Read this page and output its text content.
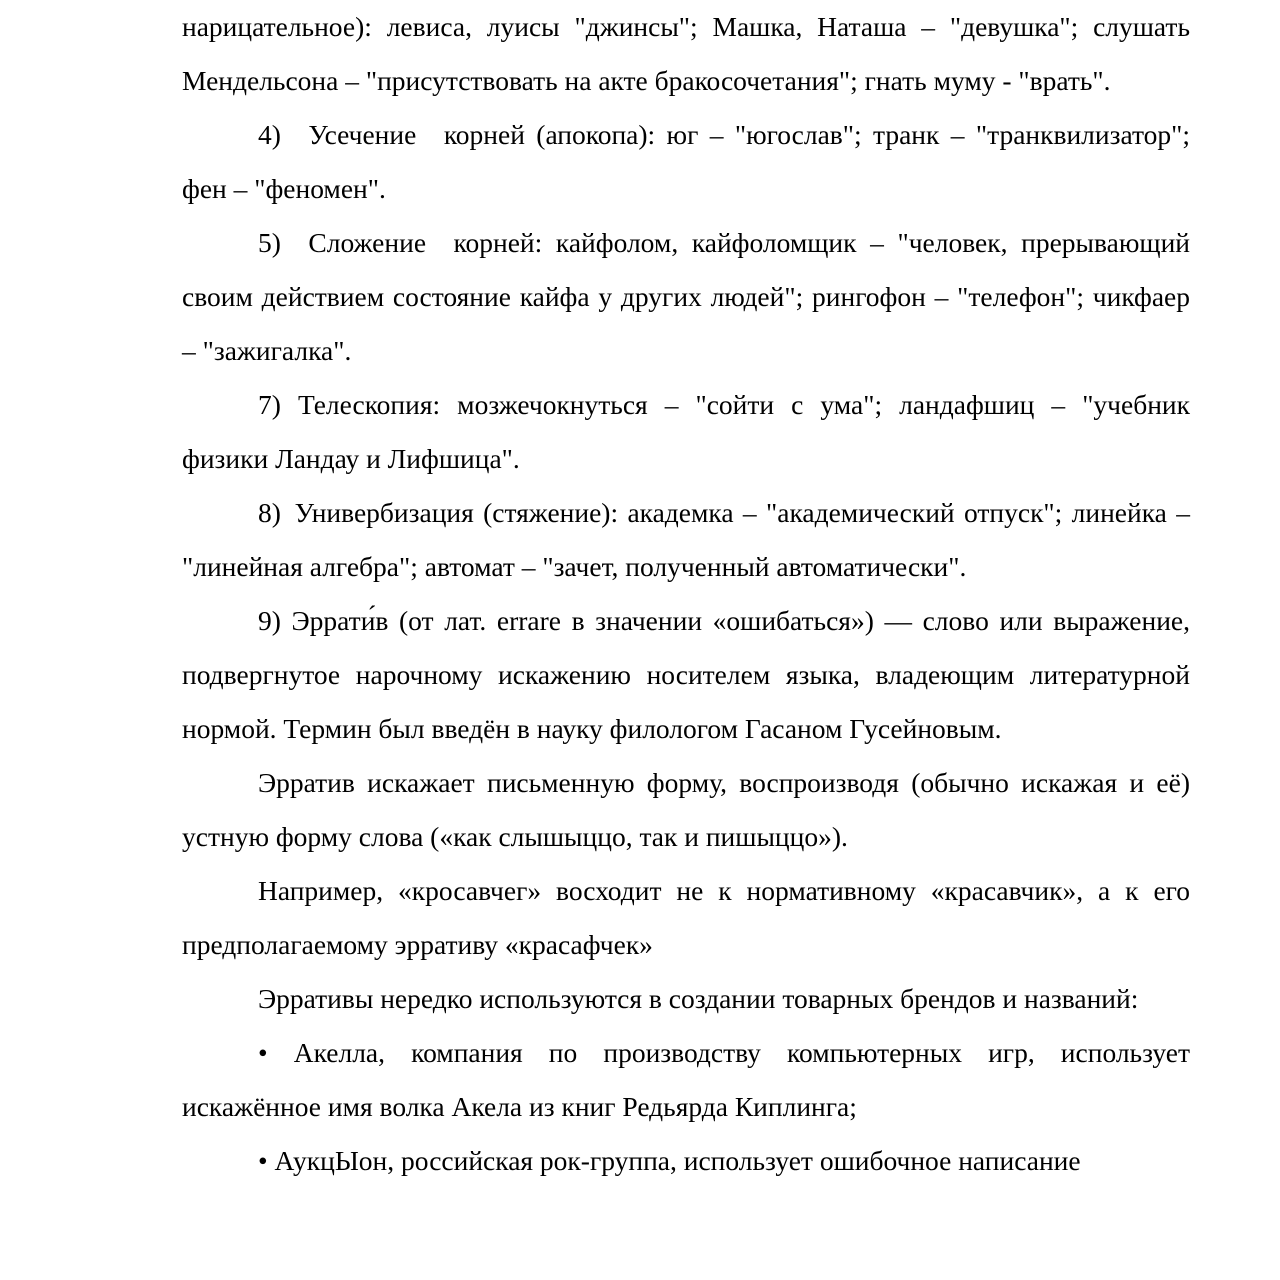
нарицательное): левиса, луисы "джинсы"; Машка, Наташа – "девушка"; слушать Мендельсона – "присутствовать на акте бракосочетания"; гнать муму - "врать".

4) Усечение корней (апокопа): юг – "югослав"; транк – "транквилизатор"; фен – "феномен".

5) Сложение корней: кайфолом, кайфоломщик – "человек, прерывающий своим действием состояние кайфа у других людей"; рингофон – "телефон"; чикфаер – "зажигалка".

7) Телескопия: мозжечокнуться – "сойти с ума"; ландафшиц – "учебник физики Ландау и Лифшица".

8) Универбизация (стяжение): академка – "академический отпуск"; линейка – "линейная алгебра"; автомат – "зачет, полученный автоматически".

9) Эррати́в (от лат. errare в значении «ошибаться») — слово или выражение, подвергнутое нарочному искажению носителем языка, владеющим литературной нормой. Термин был введён в науку филологом Гасаном Гусейновым.

Эрратив искажает письменную форму, воспроизводя (обычно искажая и её) устную форму слова («как слышыццо, так и пишыццо»).

Например, «кросавчег» восходит не к нормативному «красавчик», а к его предполагаемому эрративу «красафчек»

Эрративы нередко используются в создании товарных брендов и названий:

• Акелла, компания по производству компьютерных игр, использует искажённое имя волка Акела из книг Редьярда Киплинга;

• АукцЫон, российская рок-группа, использует ошибочное написание
